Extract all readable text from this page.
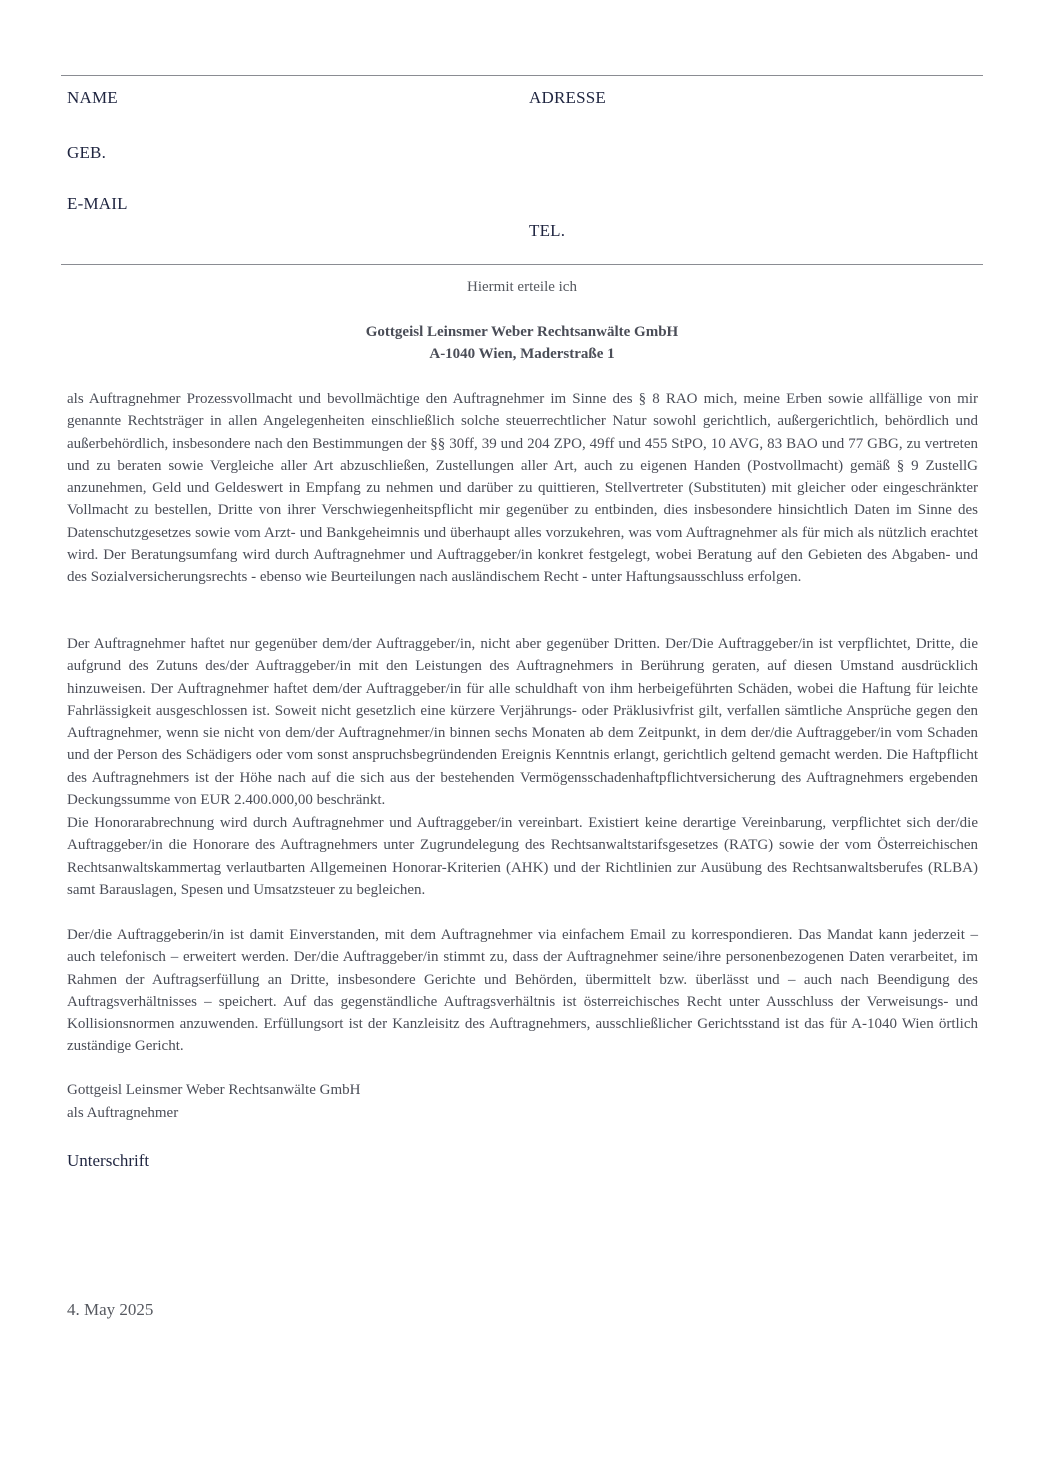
NAME	ADRESSE
GEB.
E-MAIL
TEL.
Hiermit erteile ich
Gottgeisl Leinsmer Weber Rechtsanwälte GmbH
A-1040 Wien, Maderstraße 1

als Auftragnehmer Prozessvollmacht und bevollmächtige den Auftragnehmer im Sinne des § 8 RAO mich, meine Erben sowie allfällige von mir genannte Rechtsträger in allen Angelegenheiten einschließlich solche steuerrechtlicher Natur sowohl gerichtlich, außergerichtlich, behördlich und außerbehördlich, insbesondere nach den Bestimmungen der §§ 30ff, 39 und 204 ZPO, 49ff und 455 StPO, 10 AVG, 83 BAO und 77 GBG, zu vertreten und zu beraten sowie Vergleiche aller Art abzuschließen, Zustellungen aller Art, auch zu eigenen Handen (Postvollmacht) gemäß § 9 ZustellG anzunehmen, Geld und Geldeswert in Empfang zu nehmen und darüber zu quittieren, Stellvertreter (Substituten) mit gleicher oder eingeschränkter Vollmacht zu bestellen, Dritte von ihrer Verschwiegenheitspflicht mir gegenüber zu entbinden, dies insbesondere hinsichtlich Daten im Sinne des Datenschutzgesetzes sowie vom Arzt- und Bankgeheimnis und überhaupt alles vorzukehren, was vom Auftragnehmer als für mich als nützlich erachtet wird. Der Beratungsumfang wird durch Auftragnehmer und Auftraggeber/in konkret festgelegt, wobei Beratung auf den Gebieten des Abgaben- und des Sozialversicherungsrechts - ebenso wie Beurteilungen nach ausländischem Recht - unter Haftungsausschluss erfolgen.

Der Auftragnehmer haftet nur gegenüber dem/der Auftraggeber/in, nicht aber gegenüber Dritten. Der/Die Auftraggeber/in ist verpflichtet, Dritte, die aufgrund des Zutuns des/der Auftraggeber/in mit den Leistungen des Auftragnehmers in Berührung geraten, auf diesen Umstand ausdrücklich hinzuweisen. Der Auftragnehmer haftet dem/der Auftraggeber/in für alle schuldhaft von ihm herbeigeführten Schäden, wobei die Haftung für leichte Fahrlässigkeit ausgeschlossen ist. Soweit nicht gesetzlich eine kürzere Verjährungs- oder Präklusivfrist gilt, verfallen sämtliche Ansprüche gegen den Auftragnehmer, wenn sie nicht von dem/der Auftragnehmer/in binnen sechs Monaten ab dem Zeitpunkt, in dem der/die Auftraggeber/in vom Schaden und der Person des Schädigers oder vom sonst anspruchsbegründenden Ereignis Kenntnis erlangt, gerichtlich geltend gemacht werden. Die Haftpflicht des Auftragnehmers ist der Höhe nach auf die sich aus der bestehenden Vermögensschadenhaftpflichtversicherung des Auftragnehmers ergebenden Deckungssumme von EUR 2.400.000,00 beschränkt.

Die Honorarabrechnung wird durch Auftragnehmer und Auftraggeber/in vereinbart. Existiert keine derartige Vereinbarung, verpflichtet sich der/die Auftraggeber/in die Honorare des Auftragnehmers unter Zugrundelegung des Rechtsanwaltstarifsgesetzes (RATG) sowie der vom Österreichischen Rechtsanwaltskammertag verlautbarten Allgemeinen Honorar-Kriterien (AHK) und der Richtlinien zur Ausübung des Rechtsanwaltsberufes (RLBA) samt Barauslagen, Spesen und Umsatzsteuer zu begleichen.

Der/die Auftraggeberin/in ist damit Einverstanden, mit dem Auftragnehmer via einfachem Email zu korrespondieren. Das Mandat kann jederzeit – auch telefonisch – erweitert werden. Der/die Auftraggeber/in stimmt zu, dass der Auftragnehmer seine/ihre personenbezogenen Daten verarbeitet, im Rahmen der Auftragserfüllung an Dritte, insbesondere Gerichte und Behörden, übermittelt bzw. überlässt und – auch nach Beendigung des Auftragsverhältnisses – speichert. Auf das gegenständliche Auftragsverhältnis ist österreichisches Recht unter Ausschluss der Verweisungs- und Kollisionsnormen anzuwenden. Erfüllungsort ist der Kanzleisitz des Auftragnehmers, ausschließlicher Gerichtsstand ist das für A-1040 Wien örtlich zuständige Gericht.

Gottgeisl Leinsmer Weber Rechtsanwälte GmbH
als Auftragnehmer
Unterschrift
4. May 2025
